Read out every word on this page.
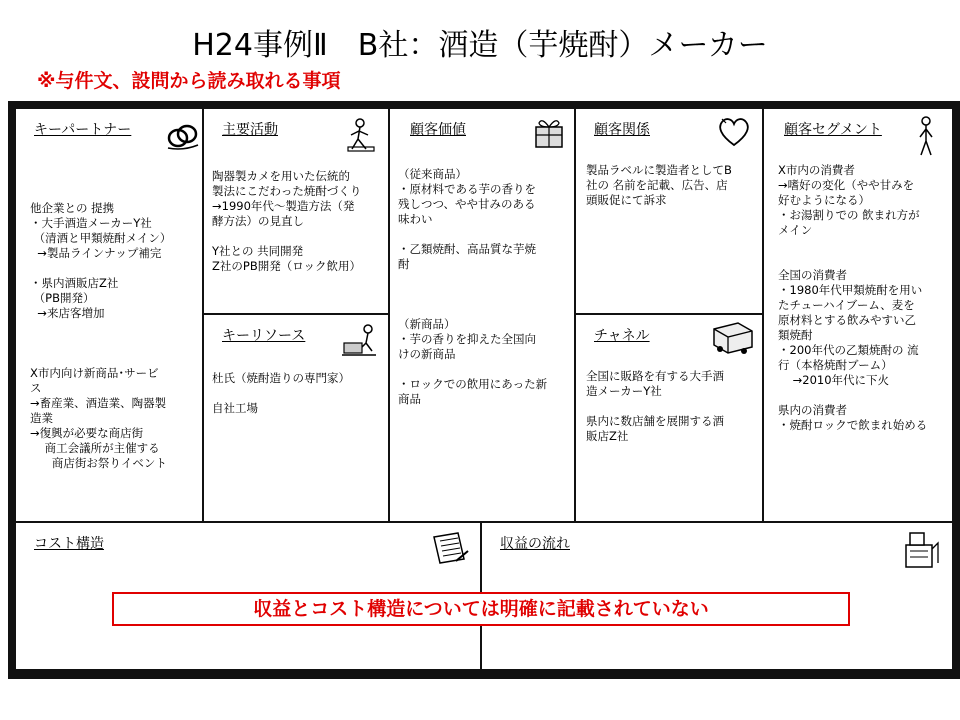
H24事例Ⅱ　B社：酒造（芋焼酎）メーカー
※与件文、設問から読み取れる事項
キーパートナー
他企業との 提携
・大手酒造メーカーY社
（清酒と甲類焼酎メイン）
→製品ラインナップ補完

・県内酒販店Z社
（PB開発）
→来店客増加

X市内向け新商品･サービ
ス
→畜産業、酒造業、陶器製
造業
→復興が必要な商店街
商工会議所が主催する
商店街お祭りイベント
主要活動
陶器製カメを用いた伝統的
製法にこだわった焼酎づくり
→1990年代～製造方法（発
酵方法）の見直し

Y社との 共同開発
Z社のPB開発（ロック飲用）
キーリソース
杜氏（焼酎造りの専門家）

自社工場
顧客価値
（従来商品）
・原材料である芋の香りを
残しつつ、やや甘みのある
味わい

・乙類焼酎、高品質な芋焼
酎

（新商品）
・芋の香りを抑えた全国向
けの新商品

・ロックでの飲用にあった新
商品
顧客関係
製品ラベルに製造者としてB
社の 名前を記載、広告、店
頭販促にて訴求
チャネル
全国に販路を有する大手酒
造メーカーY社

県内に数店舗を展開する酒
販店Z社
顧客セグメント
X市内の消費者
→嗜好の変化（やや甘みを
好むようになる）
・お湯割りでの 飲まれ方が
メイン

全国の消費者
・1980年代甲類焼酎を用い
たチューハイブーム、麦を
原材料とする飲みやすい乙
類焼酎
・200年代の乙類焼酎の 流
行（本格焼酎ブーム）
→2010年代に下火

県内の消費者
・焼酎ロックで飲まれ始める
コスト構造	収益の流れ
収益とコスト構造については明確に記載されていない
